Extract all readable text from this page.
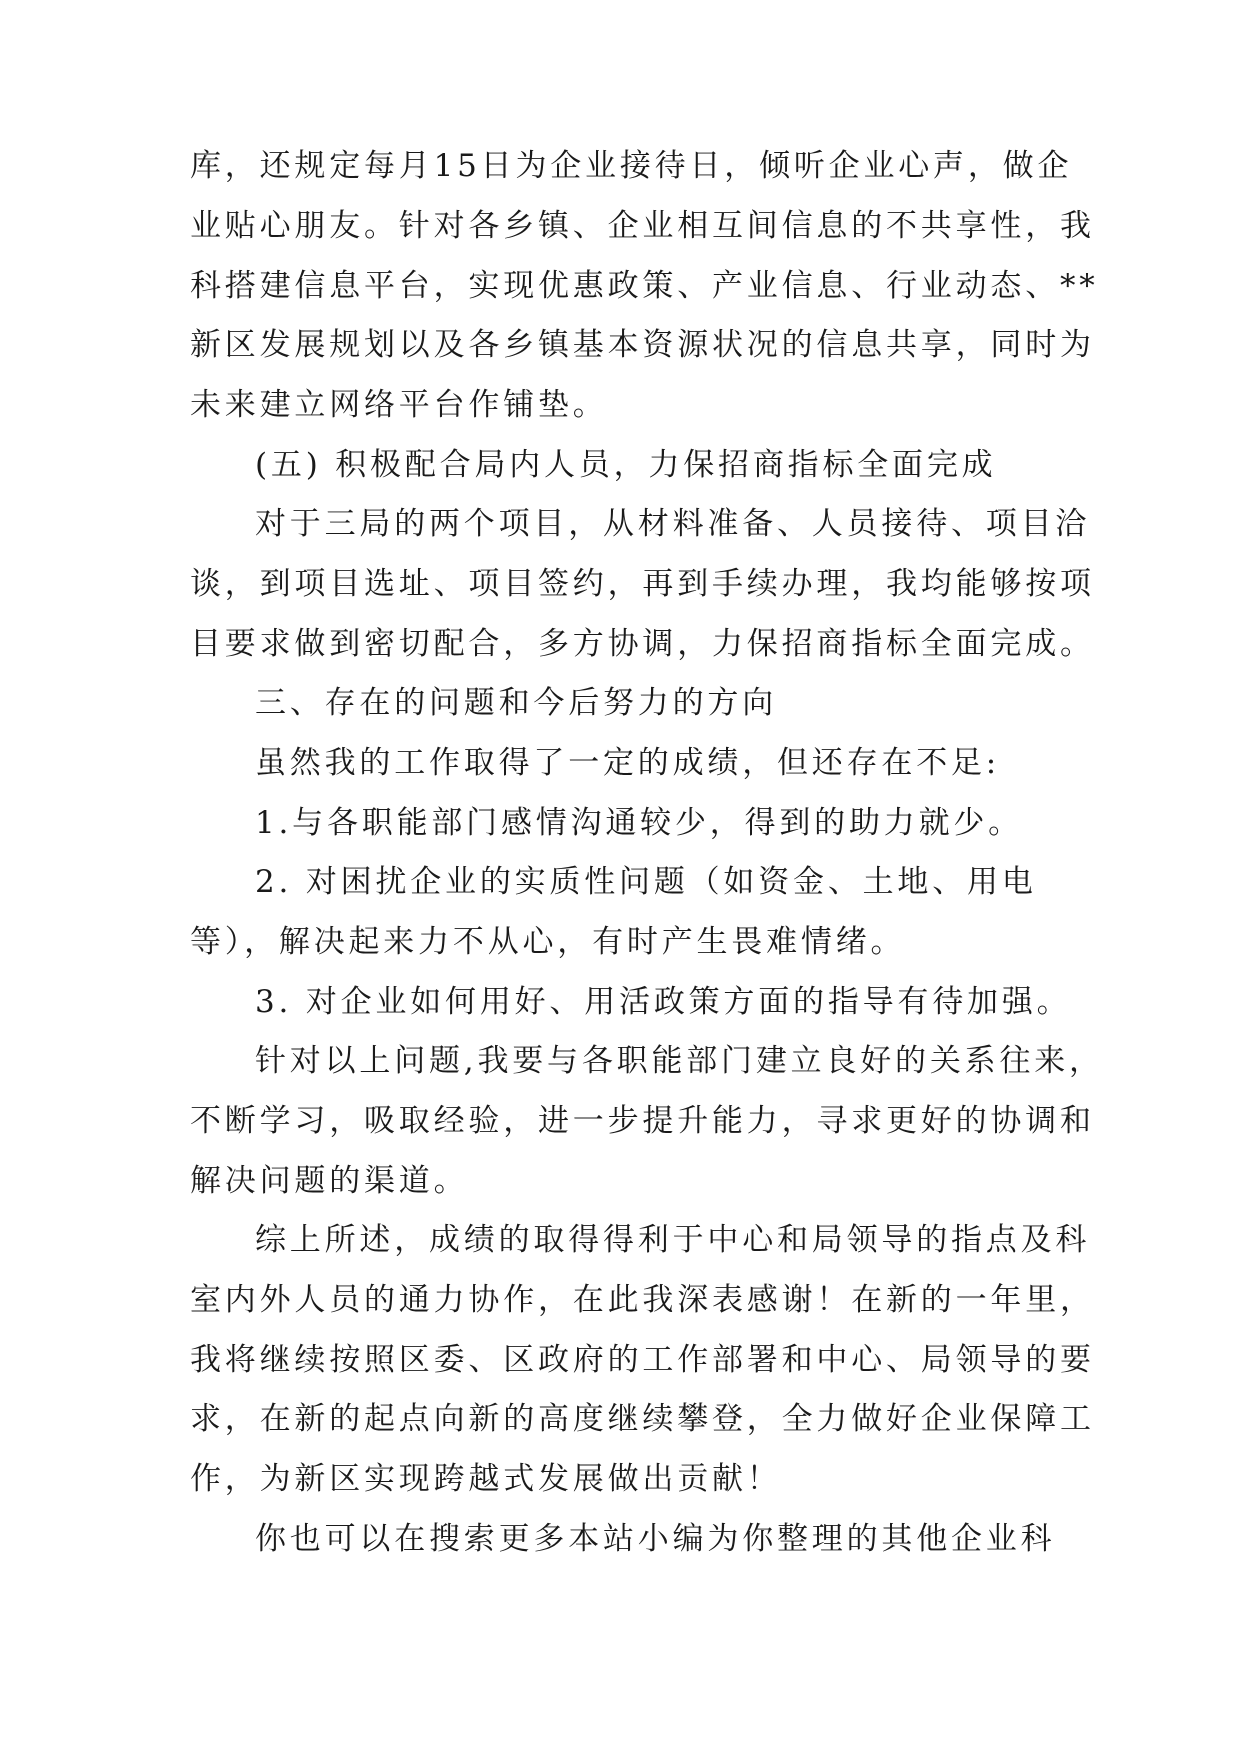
库，还规定每月15日为企业接待日，倾听企业心声，做企
业贴心朋友。针对各乡镇、企业相互间信息的不共享性，我
科搭建信息平台，实现优惠政策、产业信息、行业动态、**
新区发展规划以及各乡镇基本资源状况的信息共享，同时为
未来建立网络平台作铺垫。
(五) 积极配合局内人员，力保招商指标全面完成
对于三局的两个项目，从材料准备、人员接待、项目洽
谈，到项目选址、项目签约，再到手续办理，我均能够按项
目要求做到密切配合，多方协调，力保招商指标全面完成。
三、存在的问题和今后努力的方向
虽然我的工作取得了一定的成绩，但还存在不足:
1.与各职能部门感情沟通较少，得到的助力就少。
2. 对困扰企业的实质性问题（如资金、土地、用电
等），解决起来力不从心，有时产生畏难情绪。
3. 对企业如何用好、用活政策方面的指导有待加强。
针对以上问题,我要与各职能部门建立良好的关系往来，
不断学习，吸取经验，进一步提升能力，寻求更好的协调和
解决问题的渠道。
综上所述，成绩的取得得利于中心和局领导的指点及科
室内外人员的通力协作，在此我深表感谢！在新的一年里，
我将继续按照区委、区政府的工作部署和中心、局领导的要
求，在新的起点向新的高度继续攀登，全力做好企业保障工
作，为新区实现跨越式发展做出贡献！
你也可以在搜索更多本站小编为你整理的其他企业科
